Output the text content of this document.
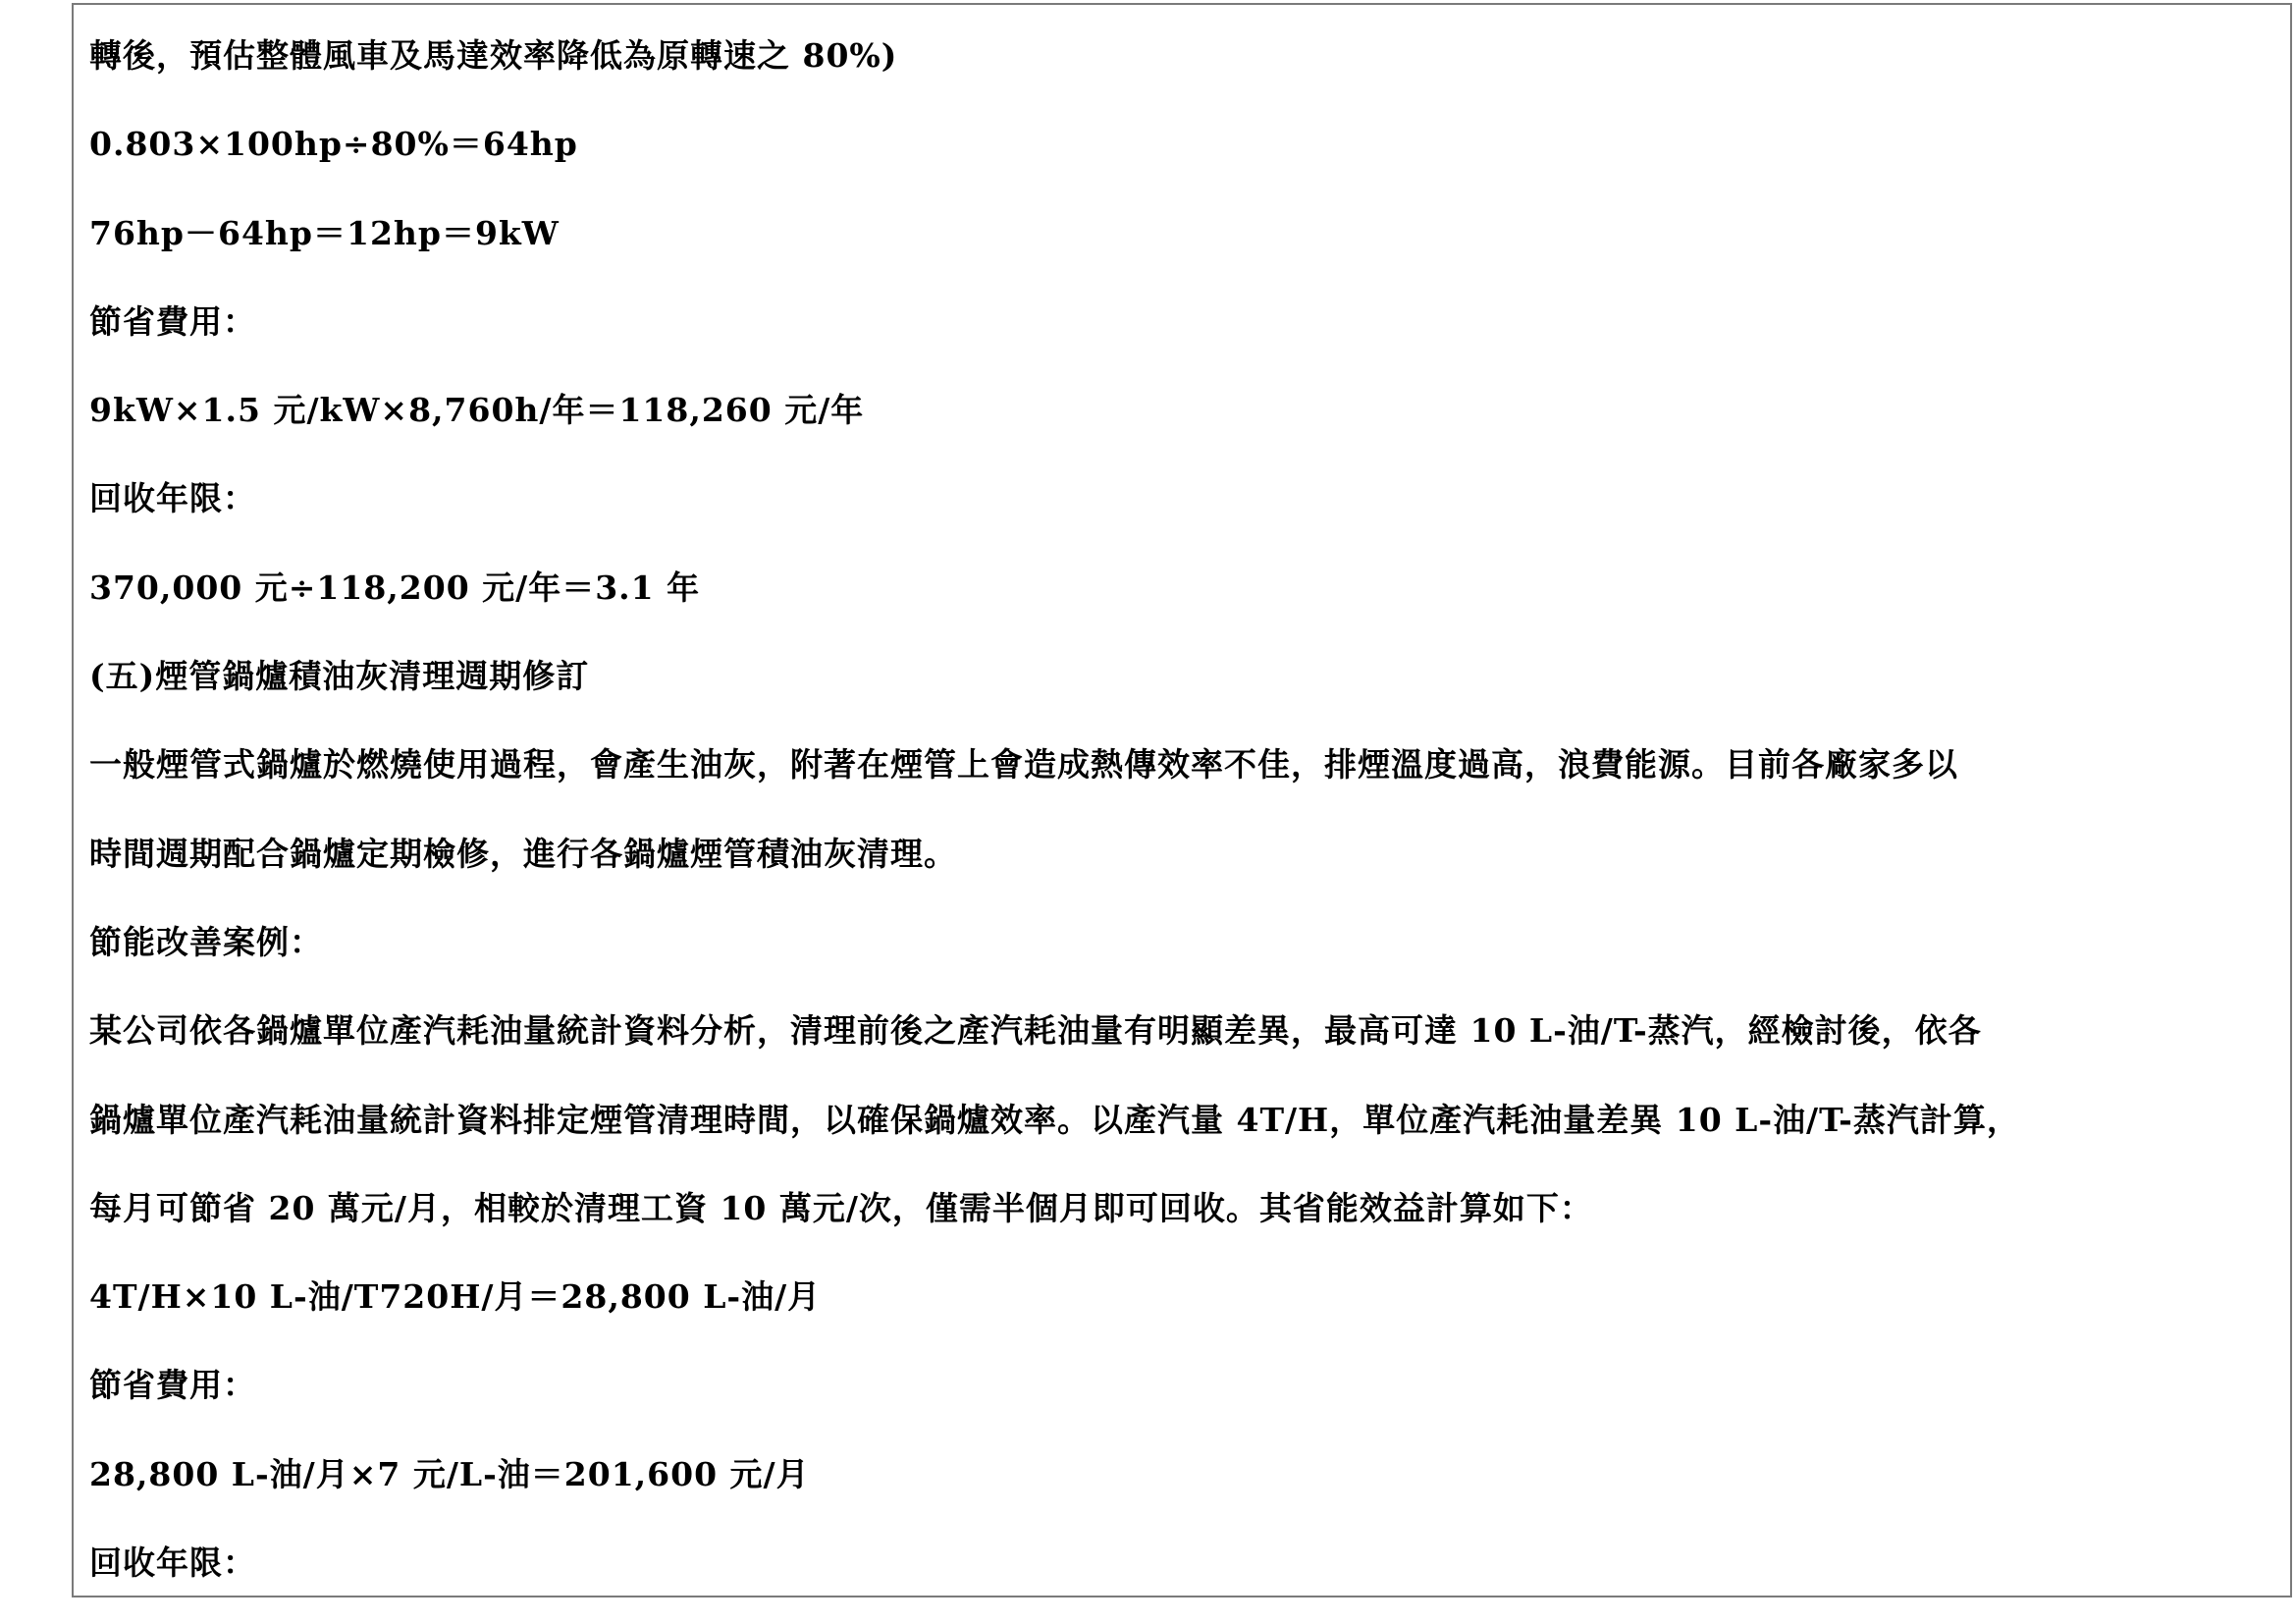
轉後，預估整體風車及馬達效率降低為原轉速之 80%)
0.803×100hp÷80%＝64hp
76hp－64hp＝12hp＝9kW
節省費用：
9kW×1.5 元/kW×8,760h/年＝118,260 元/年
回收年限：
370,000 元÷118,200 元/年＝3.1 年
(五)煙管鍋爐積油灰清理週期修訂
一般煙管式鍋爐於燃燒使用過程，會產生油灰，附著在煙管上會造成熱傳效率不佳，排煙溫度過高，浪費能源。目前各廠家多以
時間週期配合鍋爐定期檢修，進行各鍋爐煙管積油灰清理。
節能改善案例：
某公司依各鍋爐單位產汽耗油量統計資料分析，清理前後之產汽耗油量有明顯差異，最高可達 10 L-油/T-蒸汽，經檢討後，依各
鍋爐單位產汽耗油量統計資料排定煙管清理時間，以確保鍋爐效率。以產汽量 4T/H，單位產汽耗油量差異 10 L-油/T-蒸汽計算，
每月可節省 20 萬元/月，相較於清理工資 10 萬元/次，僅需半個月即可回收。其省能效益計算如下：
4T/H×10 L-油/T720H/月＝28,800 L-油/月
節省費用：
28,800 L-油/月×7 元/L-油＝201,600 元/月
回收年限：
